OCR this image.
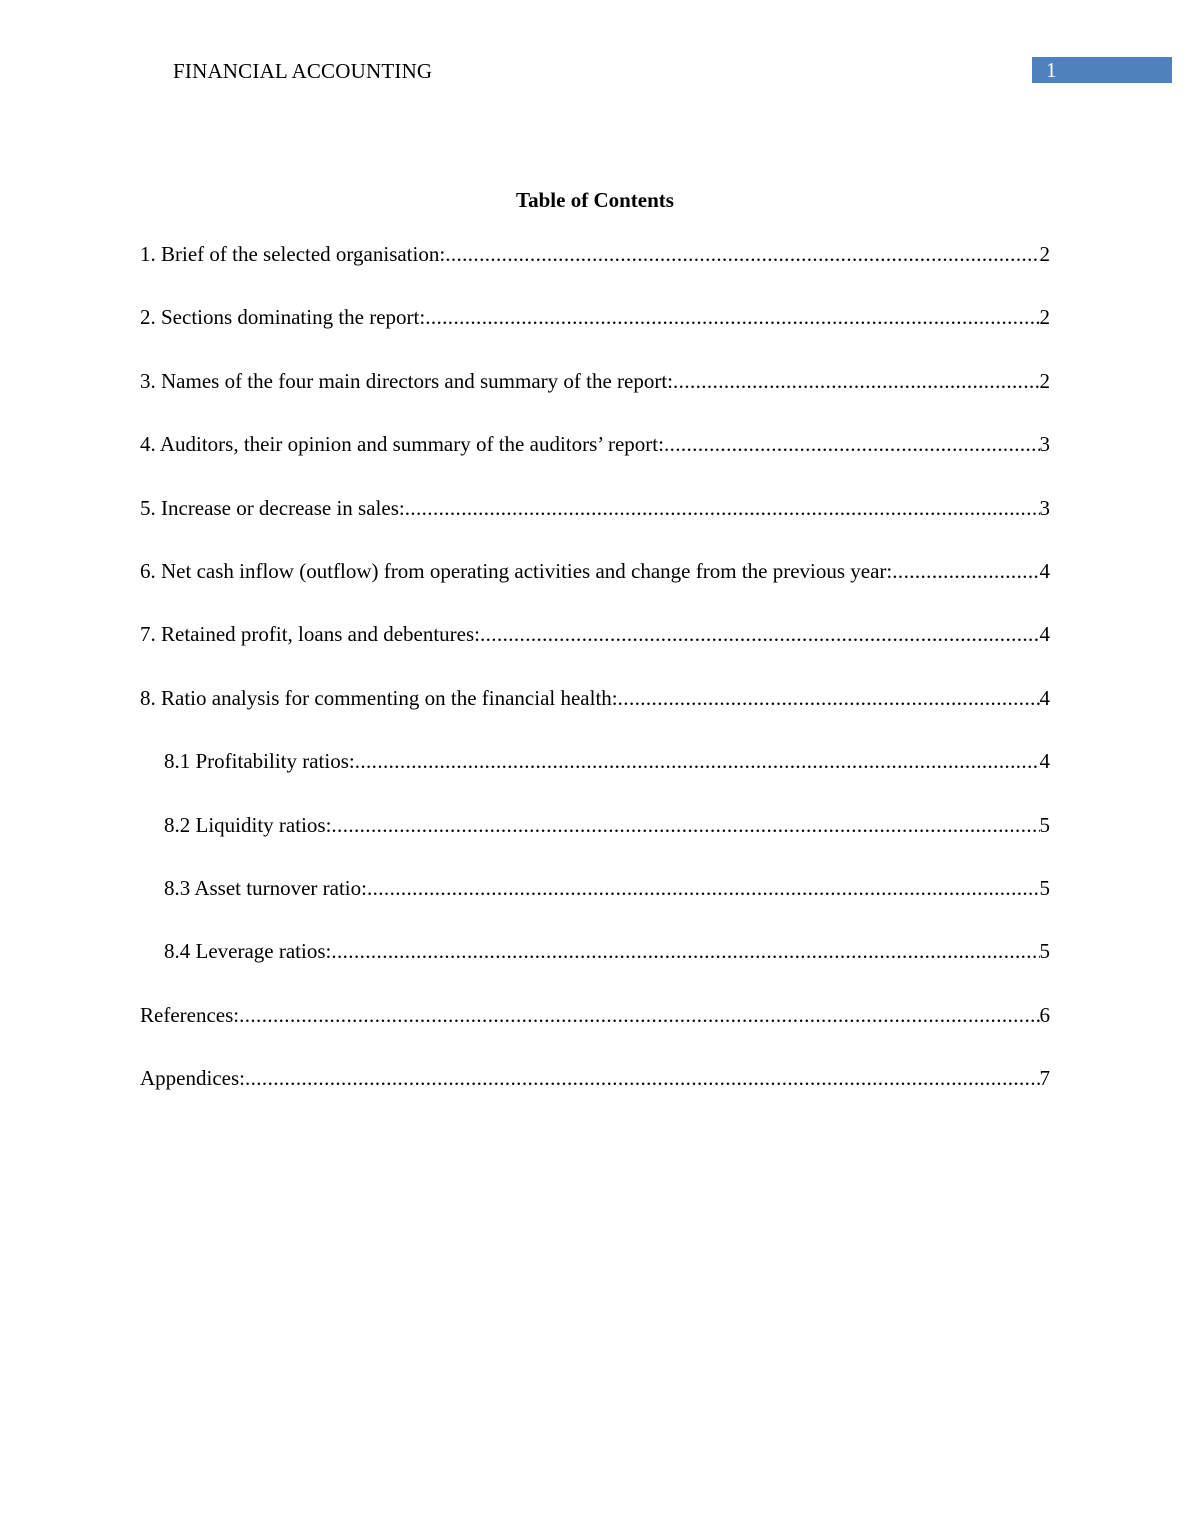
FINANCIAL ACCOUNTING	1
Table of Contents
1. Brief of the selected organisation: .....	2
2. Sections dominating the report: .....	2
3. Names of the four main directors and summary of the report: .....	2
4. Auditors, their opinion and summary of the auditors’ report: .....	3
5. Increase or decrease in sales: .....	3
6. Net cash inflow (outflow) from operating activities and change from the previous year: .....	4
7. Retained profit, loans and debentures: .....	4
8. Ratio analysis for commenting on the financial health: .....	4
8.1 Profitability ratios: .....	4
8.2 Liquidity ratios: .....	5
8.3 Asset turnover ratio: .....	5
8.4 Leverage ratios: .....	5
References: .....	6
Appendices: .....	7
